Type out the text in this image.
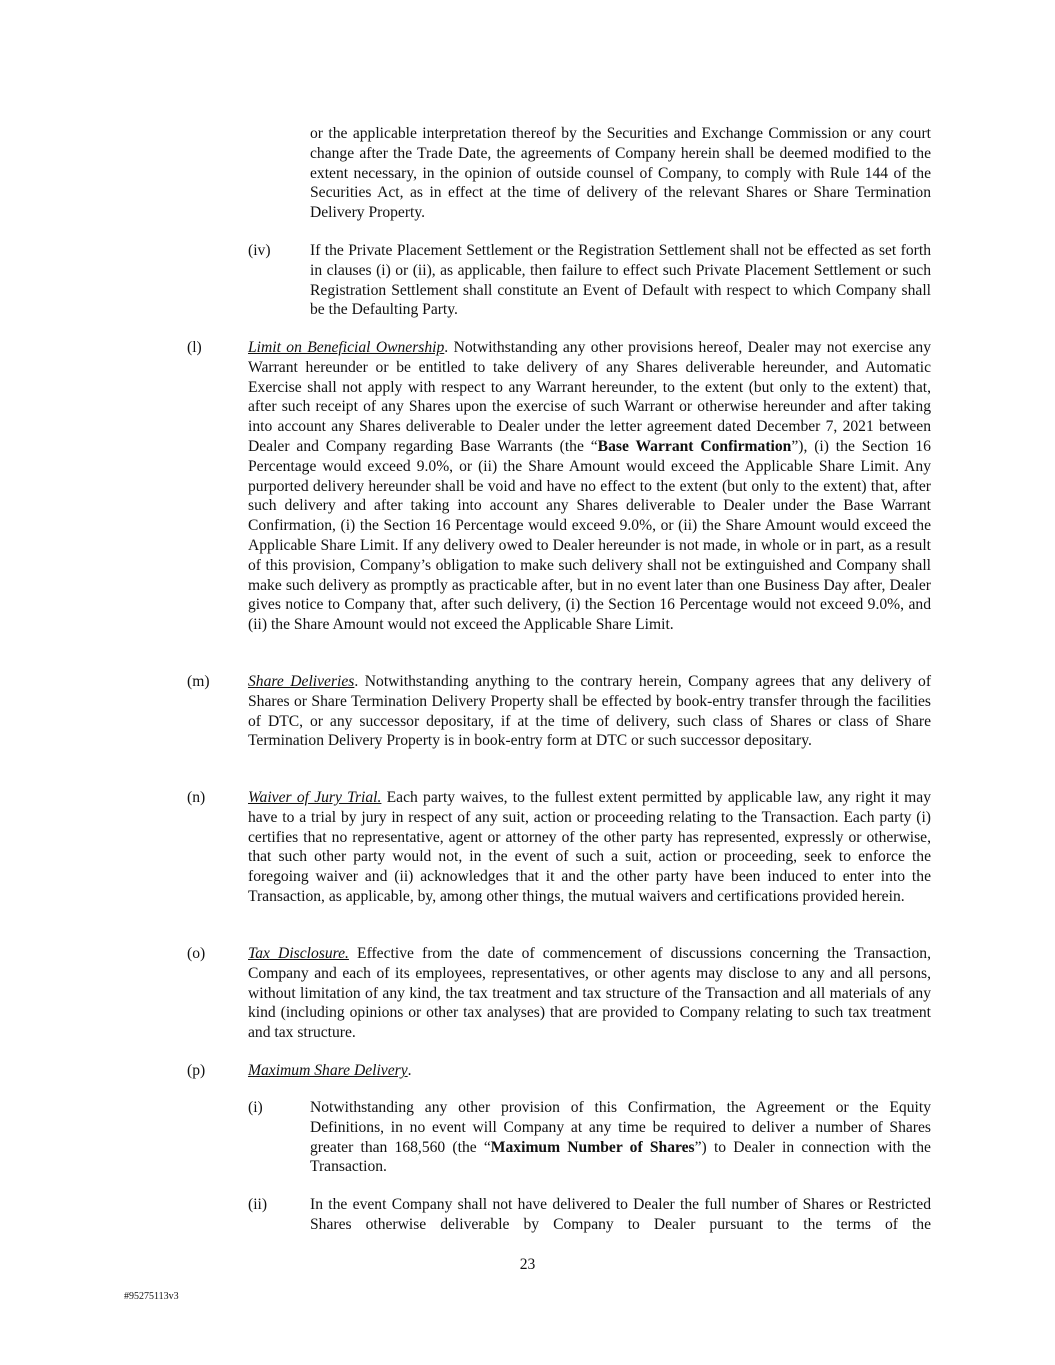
or the applicable interpretation thereof by the Securities and Exchange Commission or any court change after the Trade Date, the agreements of Company herein shall be deemed modified to the extent necessary, in the opinion of outside counsel of Company, to comply with Rule 144 of the Securities Act, as in effect at the time of delivery of the relevant Shares or Share Termination Delivery Property.

(iv)	If the Private Placement Settlement or the Registration Settlement shall not be effected as set forth in clauses (i) or (ii), as applicable, then failure to effect such Private Placement Settlement or such Registration Settlement shall constitute an Event of Default with respect to which Company shall be the Defaulting Party.

(l)	Limit on Beneficial Ownership. Notwithstanding any other provisions hereof, Dealer may not exercise any Warrant hereunder or be entitled to take delivery of any Shares deliverable hereunder, and Automatic Exercise shall not apply with respect to any Warrant hereunder, to the extent (but only to the extent) that, after such receipt of any Shares upon the exercise of such Warrant or otherwise hereunder and after taking into account any Shares deliverable to Dealer under the letter agreement dated December 7, 2021 between Dealer and Company regarding Base Warrants (the “Base Warrant Confirmation”), (i) the Section 16 Percentage would exceed 9.0%, or (ii) the Share Amount would exceed the Applicable Share Limit. Any purported delivery hereunder shall be void and have no effect to the extent (but only to the extent) that, after such delivery and after taking into account any Shares deliverable to Dealer under the Base Warrant Confirmation, (i) the Section 16 Percentage would exceed 9.0%, or (ii) the Share Amount would exceed the Applicable Share Limit. If any delivery owed to Dealer hereunder is not made, in whole or in part, as a result of this provision, Company’s obligation to make such delivery shall not be extinguished and Company shall make such delivery as promptly as practicable after, but in no event later than one Business Day after, Dealer gives notice to Company that, after such delivery, (i) the Section 16 Percentage would not exceed 9.0%, and (ii) the Share Amount would not exceed the Applicable Share Limit.

(m) Share Deliveries. Notwithstanding anything to the contrary herein, Company agrees that any delivery of Shares or Share Termination Delivery Property shall be effected by book-entry transfer through the facilities of DTC, or any successor depositary, if at the time of delivery, such class of Shares or class of Share Termination Delivery Property is in book-entry form at DTC or such successor depositary.

(n)	Waiver of Jury Trial. Each party waives, to the fullest extent permitted by applicable law, any right it may have to a trial by jury in respect of any suit, action or proceeding relating to the Transaction. Each party (i) certifies that no representative, agent or attorney of the other party has represented, expressly or otherwise, that such other party would not, in the event of such a suit, action or proceeding, seek to enforce the foregoing waiver and (ii) acknowledges that it and the other party have been induced to enter into the Transaction, as applicable, by, among other things, the mutual waivers and certifications provided herein.

(o)	Tax Disclosure. Effective from the date of commencement of discussions concerning the Transaction, Company and each of its employees, representatives, or other agents may disclose to any and all persons, without limitation of any kind, the tax treatment and tax structure of the Transaction and all materials of any kind (including opinions or other tax analyses) that are provided to Company relating to such tax treatment and tax structure.

(p)	Maximum Share Delivery.

(i)	Notwithstanding any other provision of this Confirmation, the Agreement or the Equity Definitions, in no event will Company at any time be required to deliver a number of Shares greater than 168,560 (the “Maximum Number of Shares”) to Dealer in connection with the Transaction.

(ii)	In the event Company shall not have delivered to Dealer the full number of Shares or Restricted Shares otherwise deliverable by Company to Dealer pursuant to the terms of the

23
#95275113v3
